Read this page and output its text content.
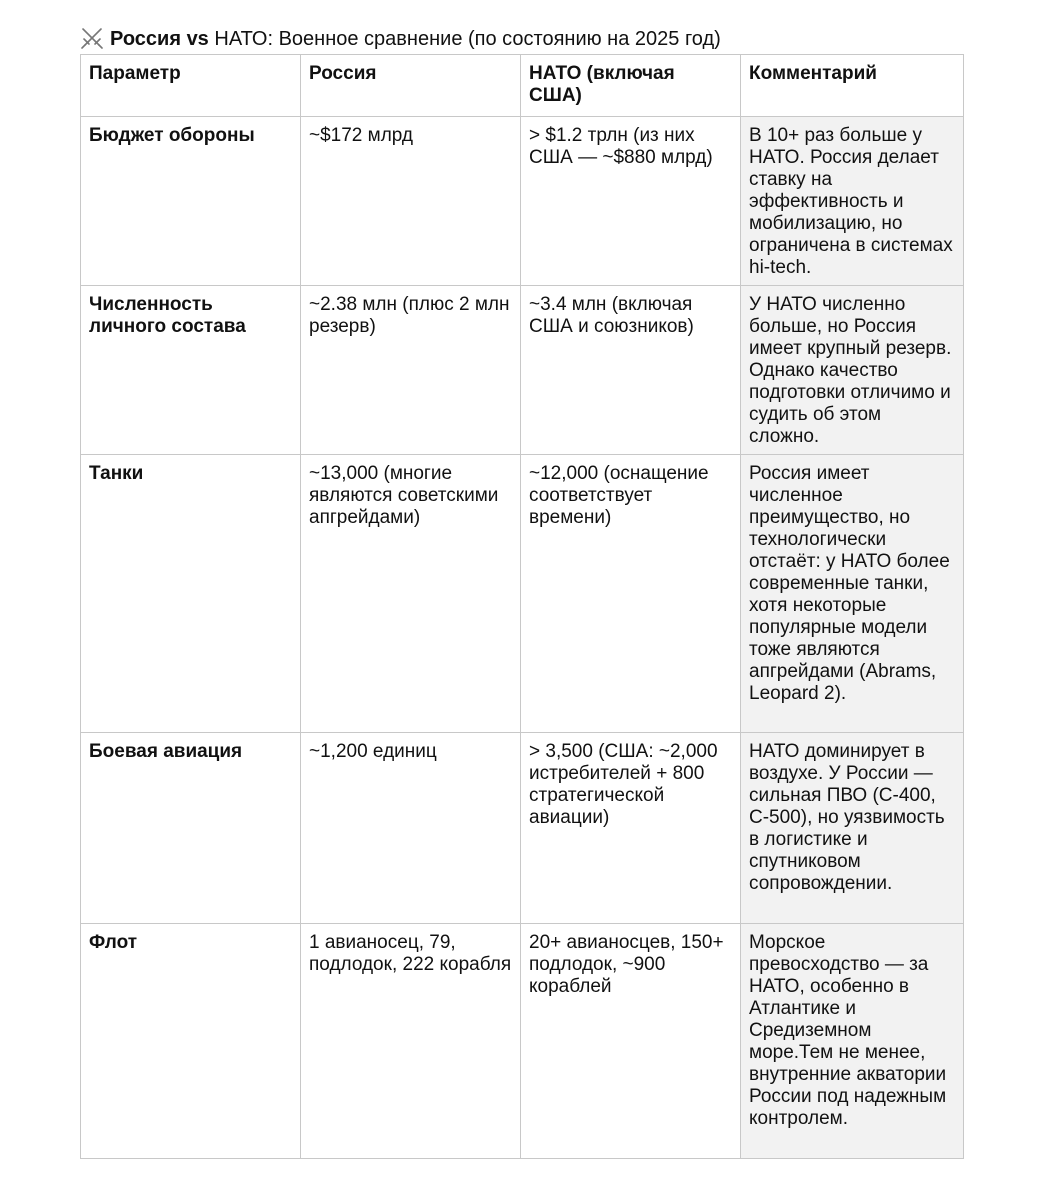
Россия vs НАТО: Военное сравнение (по состоянию на 2025 год)
Параметр	Россия	НАТО (включая США)	Комментарий
Бюджет обороны	~$172 млрд	> $1.2 трлн (из них США — ~$880 млрд)	В 10+ раз больше у НАТО. Россия делает ставку на эффективность и мобилизацию, но ограничена в системах hi-tech.
Численность личного состава	~2.38 млн (плюс 2 млн резерв)	~3.4 млн (включая США и союзников)	У НАТО численно больше, но Россия имеет крупный резерв. Однако качество подготовки отличимо и судить об этом сложно.
Танки	~13,000 (многие являются советскими апгрейдами)	~12,000 (оснащение соответствует времени)	Россия имеет численное преимущество, но технологически отстаёт: у НАТО более современные танки, хотя некоторые популярные модели тоже являются апгрейдами (Abrams, Leopard 2).
Боевая авиация	~1,200 единиц	> 3,500 (США: ~2,000 истребителей + 800 стратегической авиации)	НАТО доминирует в воздухе. У России — сильная ПВО (С-400, С-500), но уязвимость в логистике и спутниковом сопровождении.
Флот	1 авианосец, 79, подлодок, 222 корабля	20+ авианосцев, 150+ подлодок, ~900 кораблей	Морское превосходство — за НАТО, особенно в Атлантике и Средиземном море.Тем не менее, внутренние акватории России под надежным контролем.
